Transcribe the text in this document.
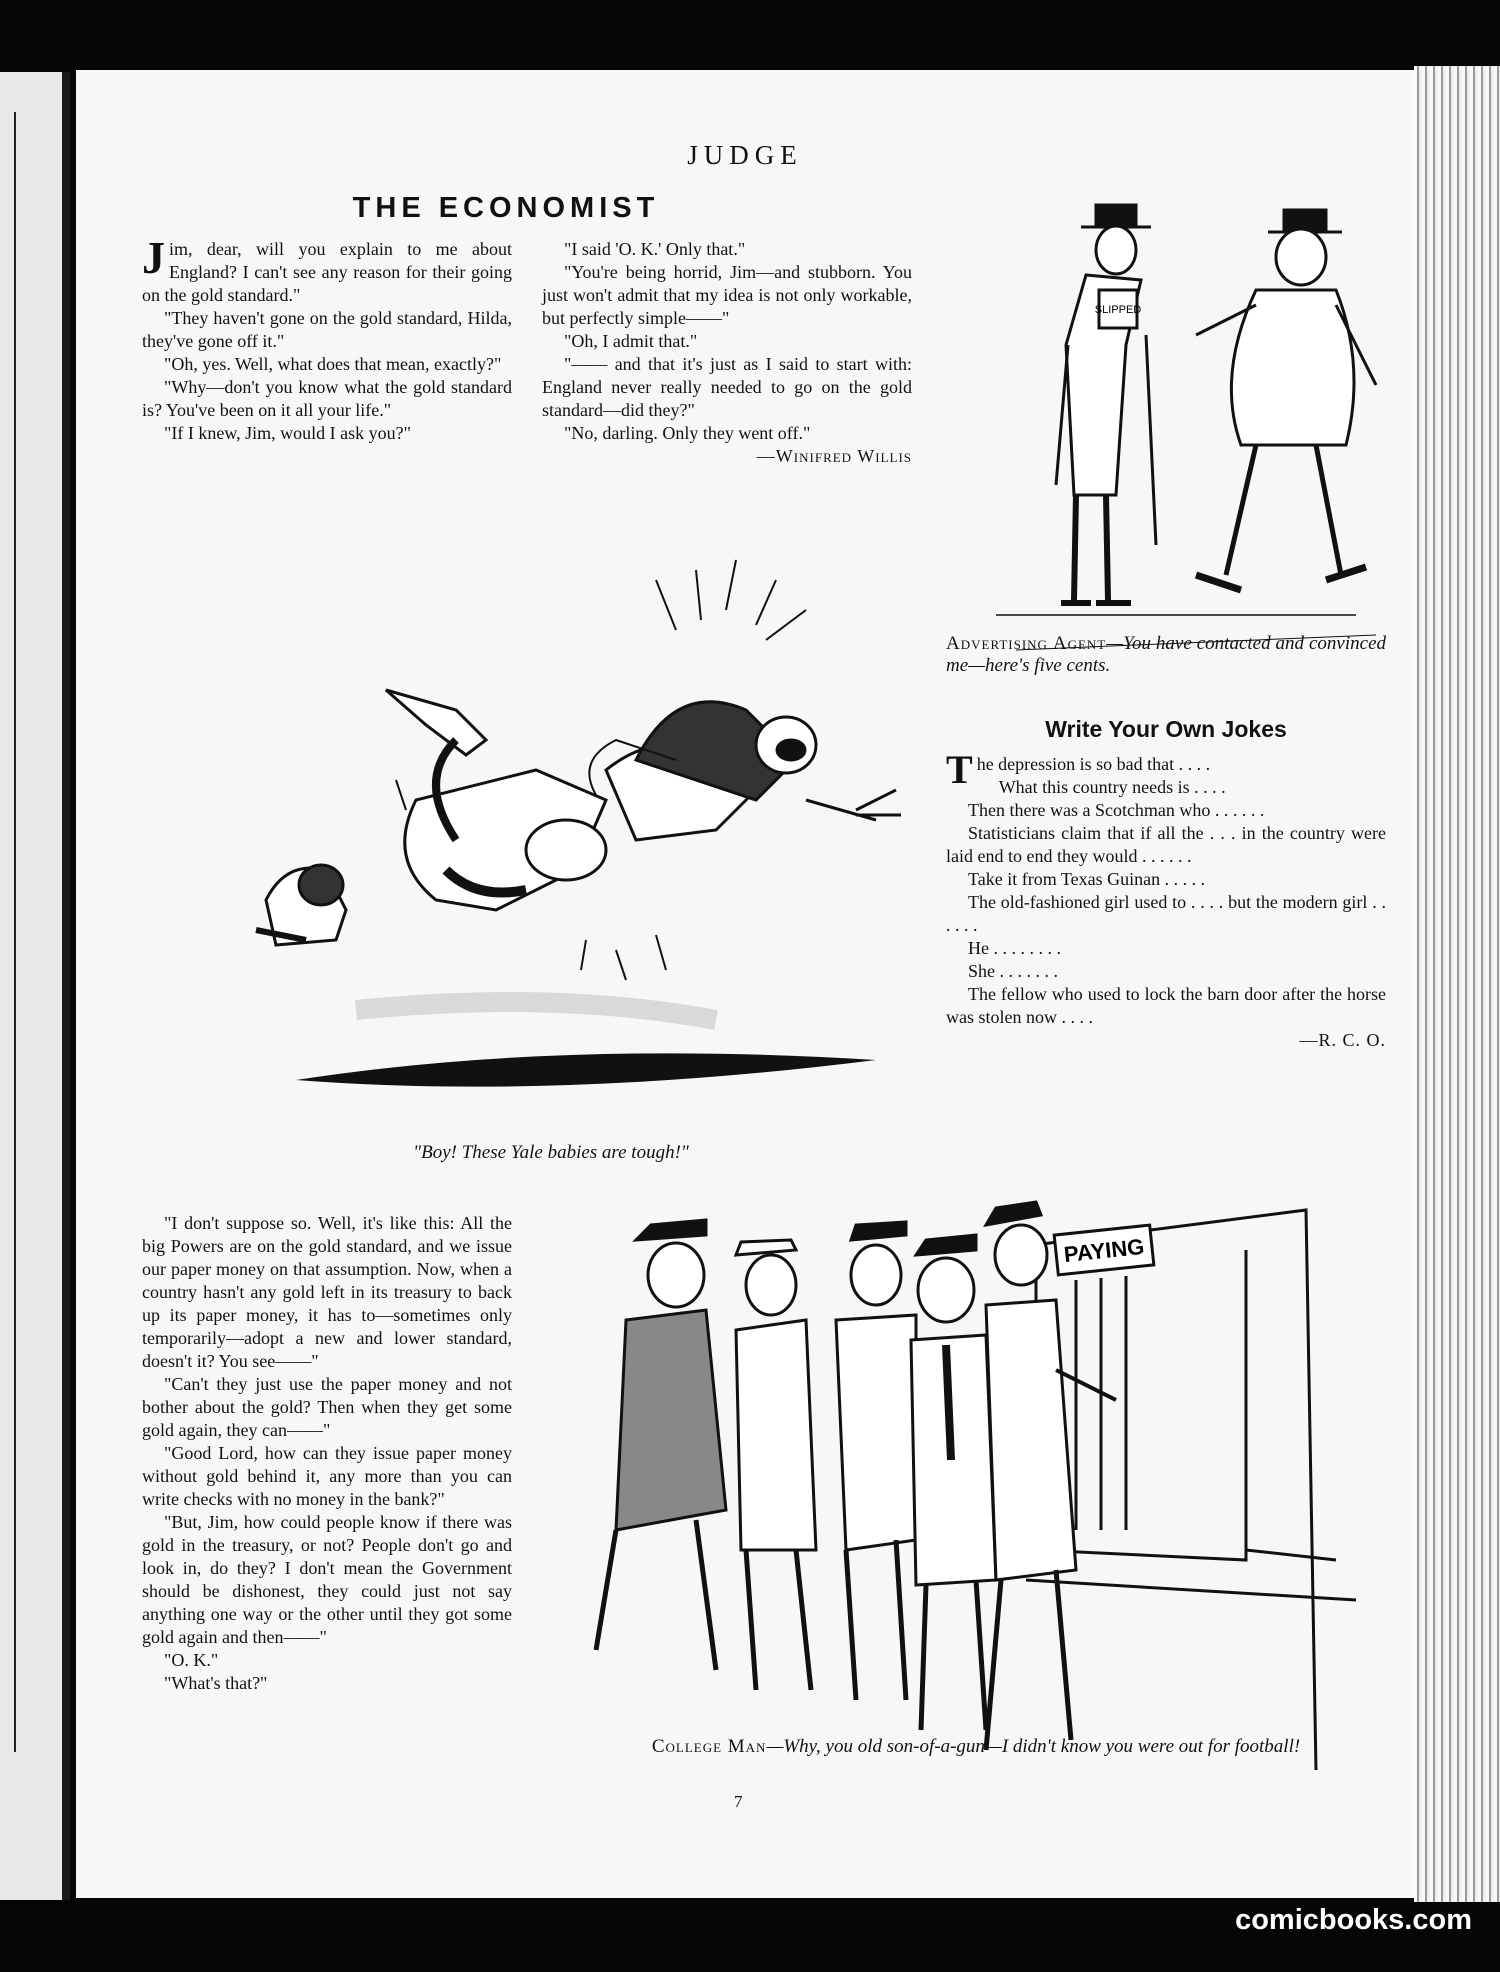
JUDGE
THE ECONOMIST

Jim, dear, will you explain to me about England? I can't see any reason for their going on the gold standard."

"They haven't gone on the gold standard, Hilda, they've gone off it."

"Oh, yes. Well, what does that mean, exactly?"

"Why—don't you know what the gold standard is? You've been on it all your life."

"If I knew, Jim, would I ask you?"

"I said 'O. K.' Only that."

"You're being horrid, Jim—and stubborn. You just won't admit that my idea is not only workable, but perfectly simple——"

"Oh, I admit that."

"—— and that it's just as I said to start with: England never really needed to go on the gold standard—did they?"

"No, darling. Only they went off."

—Winifred Willis
SLIPPED
Advertising Agent—You have contacted and convinced me—here's five cents.
Write Your Own Jokes

The depression is so bad that . . . .

What this country needs is . . . .

Then there was a Scotchman who . . . . . .

Statisticians claim that if all the . . . in the country were laid end to end they would . . . . . .

Take it from Texas Guinan . . . . .

The old-fashioned girl used to . . . . but the modern girl . . . . . .

He . . . . . . . .

She . . . . . . .

The fellow who used to lock the barn door after the horse was stolen now . . . .

—R. C. O.
"Boy! These Yale babies are tough!"

"I don't suppose so. Well, it's like this: All the big Powers are on the gold standard, and we issue our paper money on that assumption. Now, when a country hasn't any gold left in its treasury to back up its paper money, it has to—sometimes only temporarily—adopt a new and lower standard, doesn't it? You see——"

"Can't they just use the paper money and not bother about the gold? Then when they get some gold again, they can——"

"Good Lord, how can they issue paper money without gold behind it, any more than you can write checks with no money in the bank?"

"But, Jim, how could people know if there was gold in the treasury, or not? People don't go and look in, do they? I don't mean the Government should be dishonest, they could just not say anything one way or the other until they got some gold again and then——"

"O. K."

"What's that?"

PAYING
College Man—Why, you old son-of-a-gun—I didn't know you were out for football!
7
comicbooks.com
